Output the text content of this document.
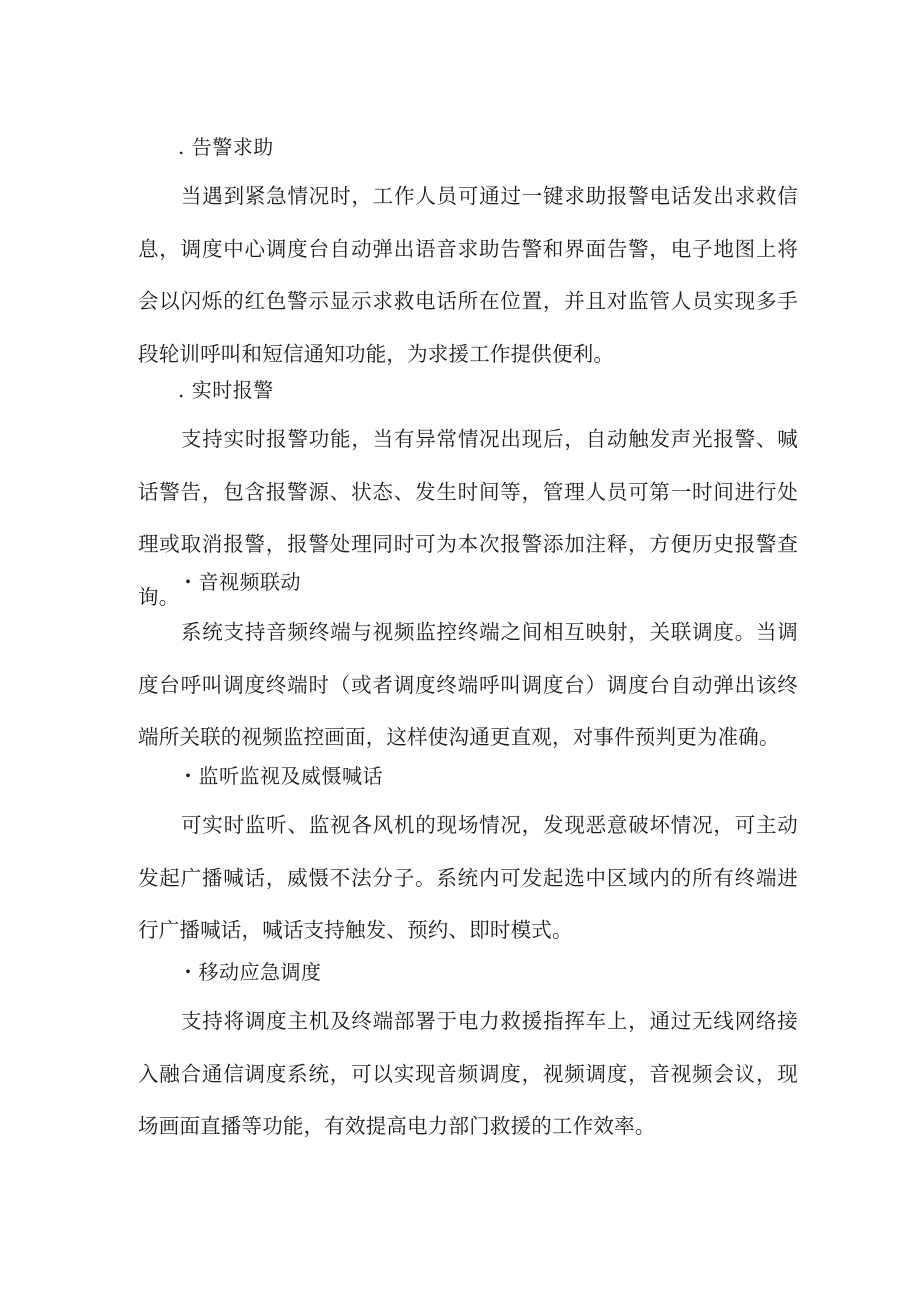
. 告警求助
当遇到紧急情况时，工作人员可通过一键求助报警电话发出求救信息，调度中心调度台自动弹出语音求助告警和界面告警，电子地图上将会以闪烁的红色警示显示求救电话所在位置，并且对监管人员实现多手段轮训呼叫和短信通知功能，为求援工作提供便利。
. 实时报警
支持实时报警功能，当有异常情况出现后，自动触发声光报警、喊话警告，包含报警源、状态、发生时间等，管理人员可第一时间进行处理或取消报警，报警处理同时可为本次报警添加注释，方便历史报警查询。
・音视频联动
系统支持音频终端与视频监控终端之间相互映射，关联调度。当调度台呼叫调度终端时（或者调度终端呼叫调度台）调度台自动弹出该终端所关联的视频监控画面，这样使沟通更直观，对事件预判更为准确。
・监听监视及威慑喊话
可实时监听、监视各风机的现场情况，发现恶意破坏情况，可主动发起广播喊话，威慑不法分子。系统内可发起选中区域内的所有终端进行广播喊话，喊话支持触发、预约、即时模式。
・移动应急调度
支持将调度主机及终端部署于电力救援指挥车上，通过无线网络接入融合通信调度系统，可以实现音频调度，视频调度，音视频会议，现场画面直播等功能，有效提高电力部门救援的工作效率。
